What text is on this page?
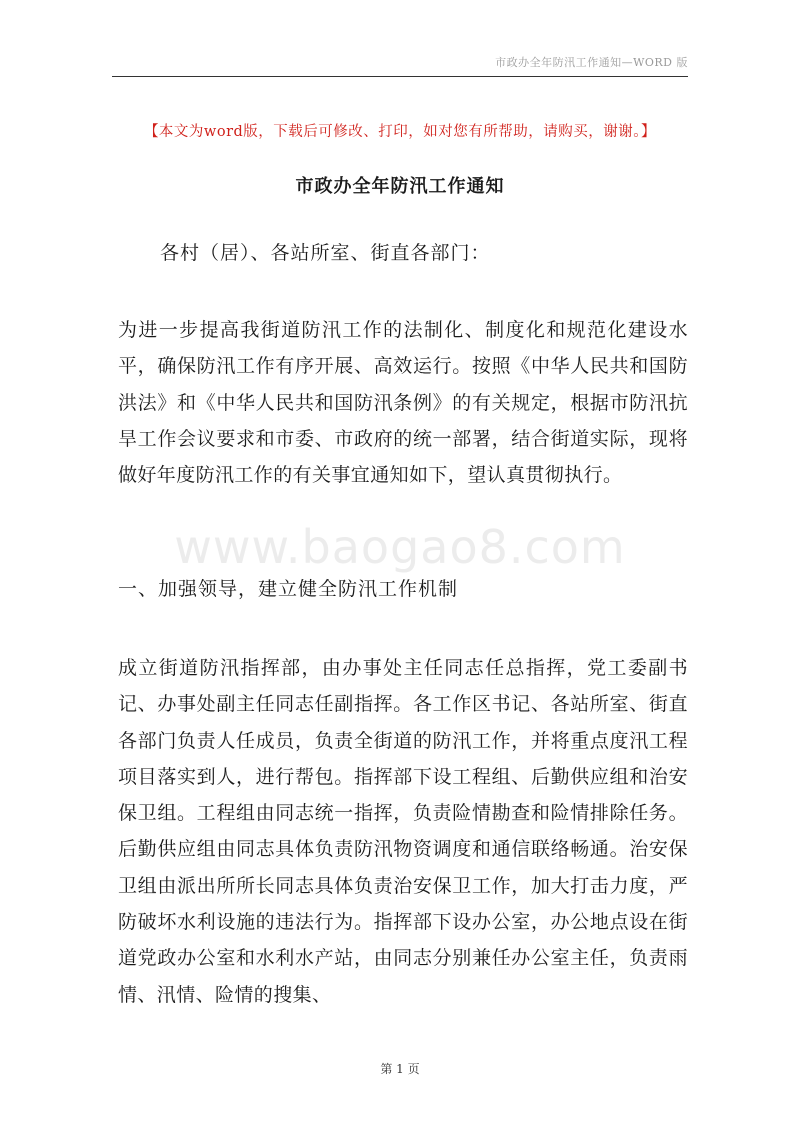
市政办全年防汛工作通知—WORD 版
www.baogao8.com
【本文为word版，下载后可修改、打印，如对您有所帮助，请购买，谢谢。】
市政办全年防汛工作通知
各村（居）、各站所室、街直各部门：
为进一步提高我街道防汛工作的法制化、制度化和规范化建设水平，确保防汛工作有序开展、高效运行。按照《中华人民共和国防洪法》和《中华人民共和国防汛条例》的有关规定，根据市防汛抗旱工作会议要求和市委、市政府的统一部署，结合街道实际，现将做好年度防汛工作的有关事宜通知如下，望认真贯彻执行。
一、加强领导，建立健全防汛工作机制
成立街道防汛指挥部，由办事处主任同志任总指挥，党工委副书记、办事处副主任同志任副指挥。各工作区书记、各站所室、街直各部门负责人任成员，负责全街道的防汛工作，并将重点度汛工程项目落实到人，进行帮包。指挥部下设工程组、后勤供应组和治安保卫组。工程组由同志统一指挥，负责险情勘查和险情排除任务。后勤供应组由同志具体负责防汛物资调度和通信联络畅通。治安保卫组由派出所所长同志具体负责治安保卫工作，加大打击力度，严防破坏水利设施的违法行为。指挥部下设办公室，办公地点设在街道党政办公室和水利水产站，由同志分别兼任办公室主任，负责雨情、汛情、险情的搜集、
第 1 页
